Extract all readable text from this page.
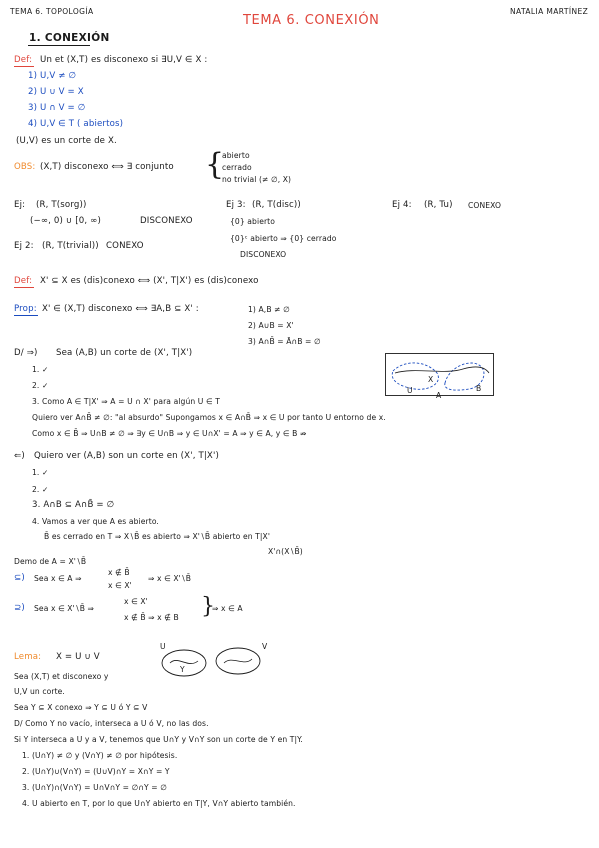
TEMA 6. TOPOLOGÍA	NATALIA MARTÍNEZ
TEMA 6. CONEXIÓN
1. CONEXIÓN
Def: Un et (X,T) es disconexo si ∃U,V ∈ X :
1) U,V ≠ ∅
2) U ∪ V = X
3) U ∩ V = ∅
4) U,V ∈ T ( abiertos)
(U,V) es un corte de X.
OBS: (X,T) disconexo ⟺ ∃ conjunto {
abierto
cerrado
no trivial (≠ ∅, X)
Ej: (R, T(sorg))
(−∞, 0) ∪ [0, ∞)	DISCONEXO
Ej 2: (R, T(trivial)) CONEXO
Ej 3: (R, T(disc))
{0} abierto
{0}ᶜ abierto ⇒ {0} cerrado
DISCONEXO
Ej 4: (R, Tu) CONEXO
Def: X' ⊆ X es (dis)conexo ⟺ (X', T|X') es (dis)conexo
Prop: X' ∈ (X,T) disconexo ⟺ ∃A,B ⊆ X' :	1) A,B ≠ ∅
2) A∪B = X'
3) A∩B̄ = Ā∩B = ∅
D/ ⇒) Sea (A,B) un corte de (X', T|X')
1. ✓
2. ✓
3. Como A ∈ T|X' ⇒ A = U ∩ X' para algún U ∈ T
Quiero ver A∩B̄ ≠ ∅: "al absurdo" Supongamos x ∈ A∩B̄ ⇒ x ∈ U por tanto U entorno de x.
Como x ∈ B̄ ⇒ U∩B ≠ ∅ ⇒ ∃y ∈ U∩B ⇒ y ∈ U∩X' = A ⇒ y ∈ A, y ∈ B ⇏
U
X
A
B
⇐) Quiero ver (A,B) son un corte en (X', T|X')
1. ✓
2. ✓
3. A∩B ⊆ A∩B̄ = ∅
4. Vamos a ver que A es abierto.
B̄ es cerrado en T ⇒ X∖B̄ es abierto ⇒ X'∖B̄ abierto en T|X'
X'∩(X∖B̄)
Demo de A = X'∖B̄
⊆) Sea x ∈ A ⇒
x ∉ B̄
x ∈ X'
⇒ x ∈ X'∖B̄
⊇) Sea x ∈ X'∖B̄ ⇒
x ∈ X'
x ∉ B̄ ⇒ x ∉ B }
⇒ x ∈ A
Lema: X = U ∪ V
Sea (X,T) et disconexo y
U,V un corte.
Sea Y ⊆ X conexo ⇒ Y ⊆ U ó Y ⊆ V
D/ Como Y no vacío, interseca a U ó V, no las dos.
Si Y interseca a U y a V, tenemos que U∩Y y V∩Y son un corte de Y en T|Y.
1. (U∩Y) ≠ ∅ y (V∩Y) ≠ ∅ por hipótesis.
2. (U∩Y)∪(V∩Y) = (U∪V)∩Y = X∩Y = Y
3. (U∩Y)∩(V∩Y) = U∩V∩Y = ∅∩Y = ∅
4. U abierto en T, por lo que U∩Y abierto en T|Y, V∩Y abierto también.
U	V
Y
